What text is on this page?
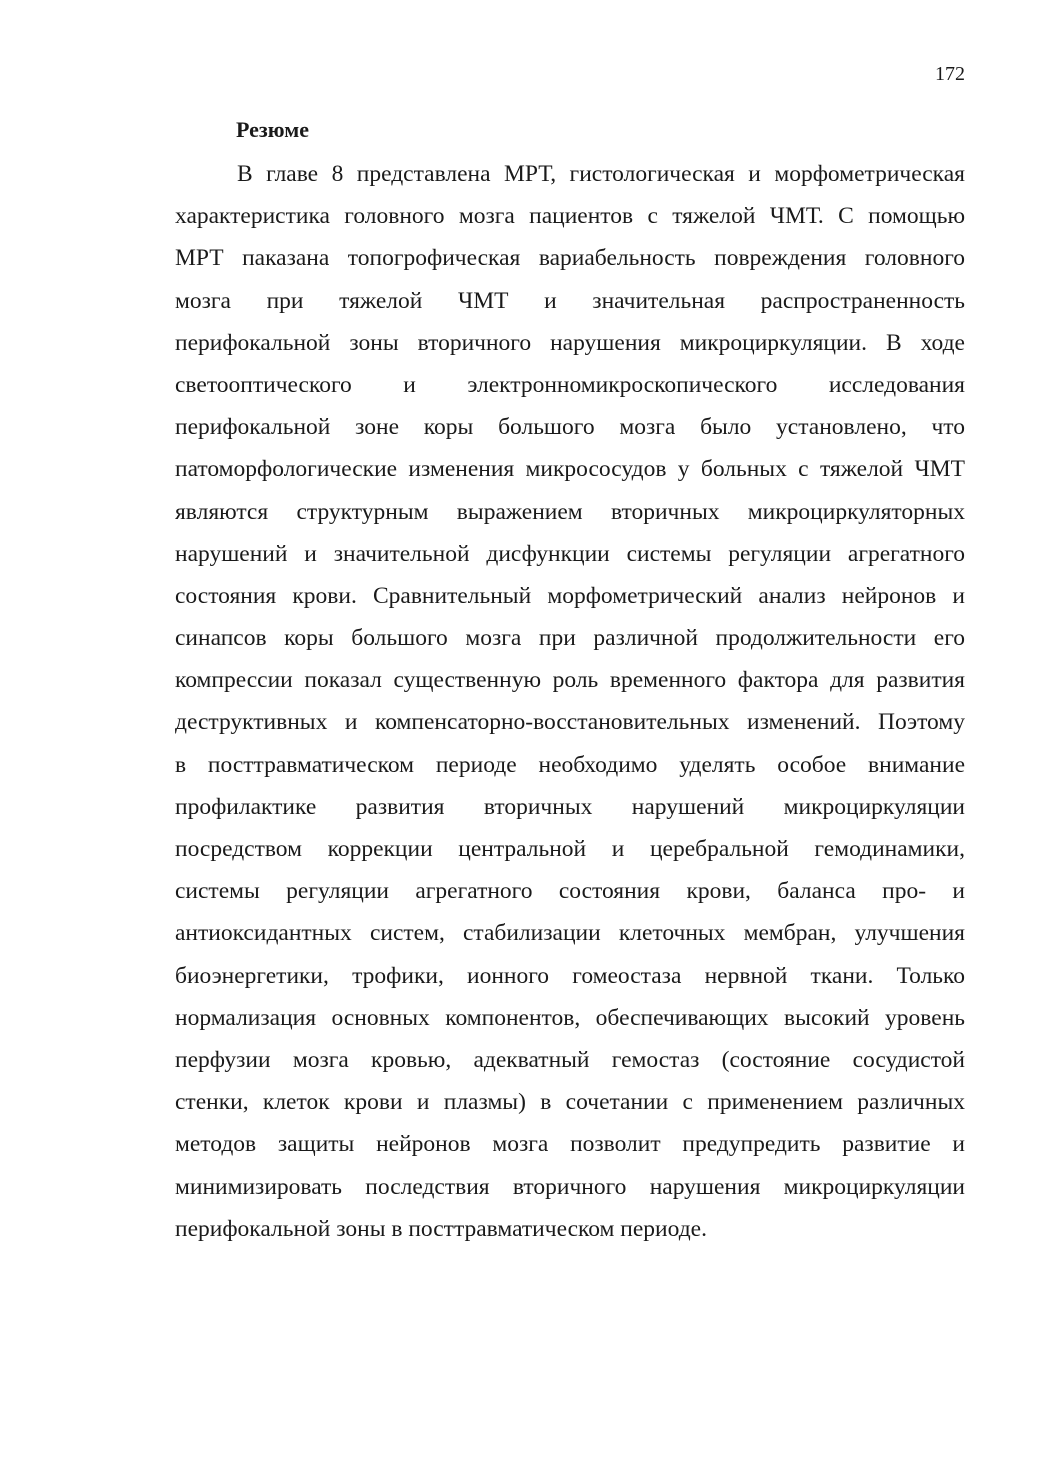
172
Резюме
В главе 8 представлена МРТ, гистологическая и морфометрическая
характеристика головного мозга пациентов с тяжелой ЧМТ. С помощью
МРТ паказана топогрофическая вариабельность повреждения головного
мозга при тяжелой ЧМТ и значительная распространенность
перифокальной зоны вторичного нарушения микроциркуляции. В ходе
светооптического и электронномикроскопического исследования
перифокальной зоне коры большого мозга было установлено, что
патоморфологические изменения микрососудов у больных с тяжелой ЧМТ
являются структурным выражением вторичных микроциркуляторных
нарушений и значительной дисфункции системы регуляции агрегатного
состояния крови. Сравнительный морфометрический анализ нейронов и
синапсов коры большого мозга при различной продолжительности его
компрессии показал существенную роль временного фактора для развития
деструктивных и компенсаторно-восстановительных изменений. Поэтому
в посттравматическом периоде необходимо уделять особое внимание
профилактике развития вторичных нарушений микроциркуляции
посредством коррекции центральной и церебральной гемодинамики,
системы регуляции агрегатного состояния крови, баланса про- и
антиоксидантных систем, стабилизации клеточных мембран, улучшения
биоэнергетики, трофики, ионного гомеостаза нервной ткани. Только
нормализация основных компонентов, обеспечивающих высокий уровень
перфузии мозга кровью, адекватный гемостаз (состояние сосудистой
стенки, клеток крови и плазмы) в сочетании с применением различных
методов защиты нейронов мозга позволит предупредить развитие и
минимизировать последствия вторичного нарушения микроциркуляции
перифокальной зоны в посттравматическом периоде.
